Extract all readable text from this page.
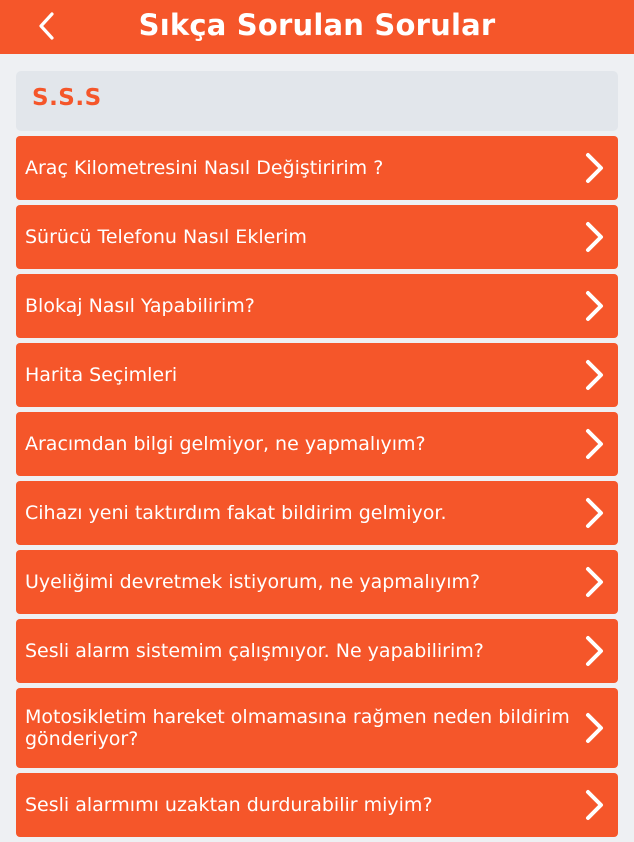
Sıkça Sorulan Sorular
S.S.S
Araç Kilometresini Nasıl Değiştiririm ?
Sürücü Telefonu Nasıl Eklerim
Blokaj Nasıl Yapabilirim?
Harita Seçimleri
Aracımdan bilgi gelmiyor, ne yapmalıyım?
Cihazı yeni taktırdım fakat bildirim gelmiyor.
Uyeliğimi devretmek istiyorum, ne yapmalıyım?
Sesli alarm sistemim çalışmıyor. Ne yapabilirim?
Motosikletim hareket olmamasına rağmen neden bildirim gönderiyor?
Sesli alarmımı uzaktan durdurabilir miyim?
